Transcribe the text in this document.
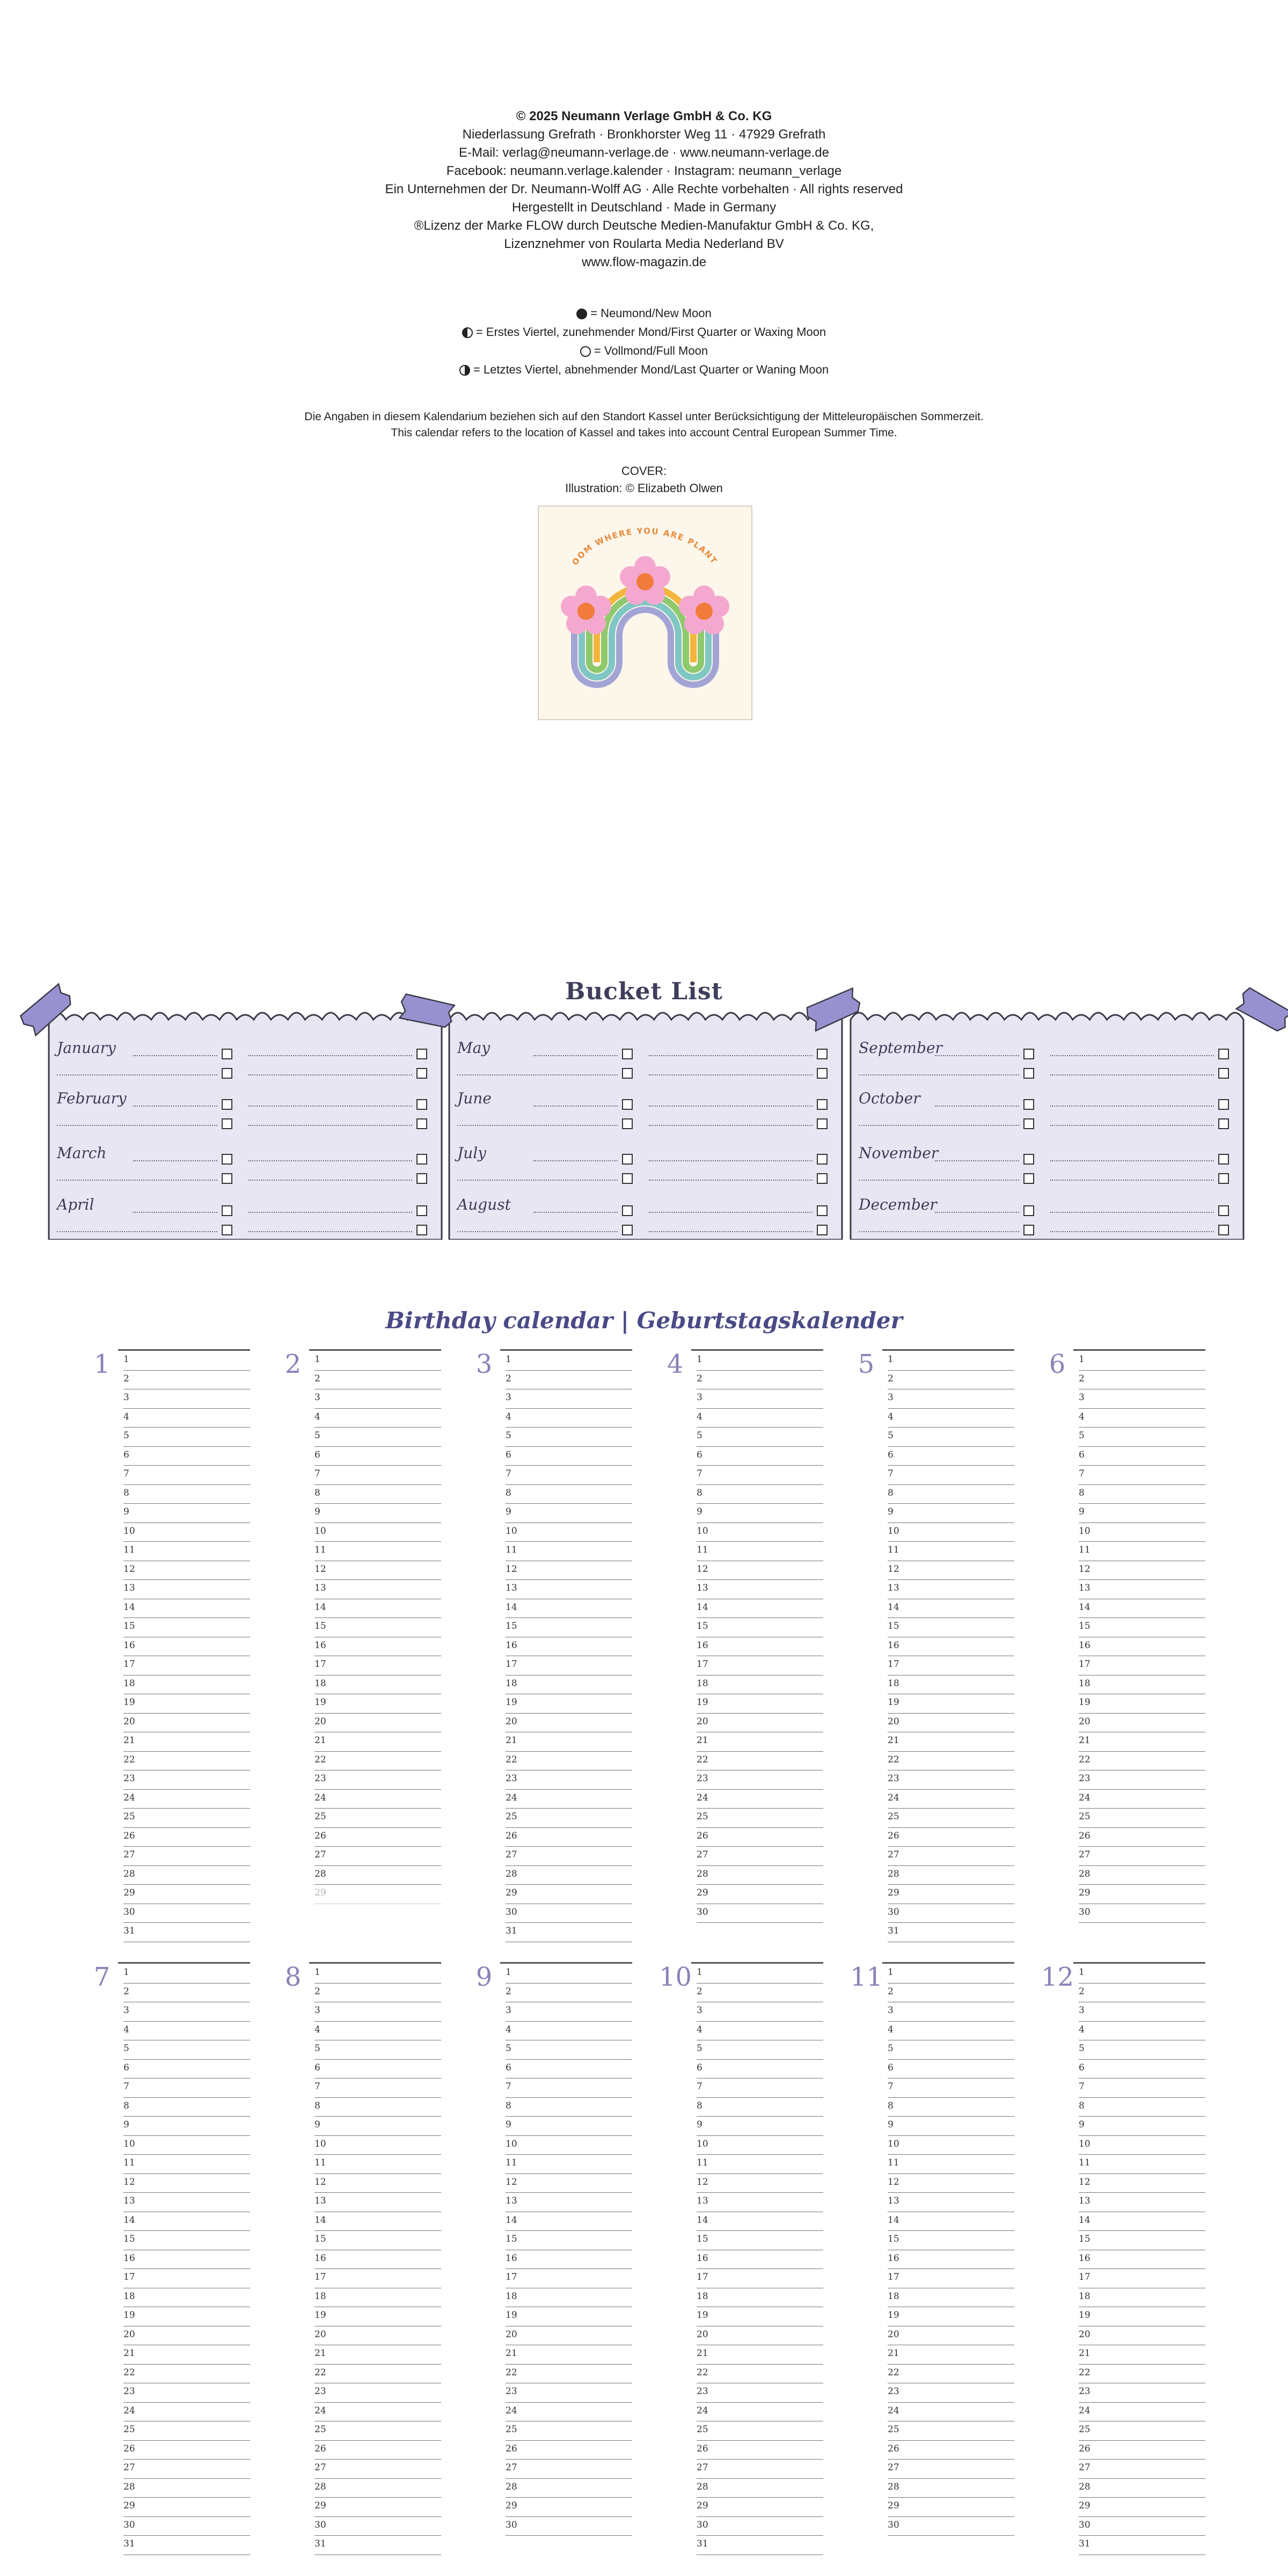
© 2025 Neumann Verlage GmbH & Co. KG
Niederlassung Grefrath · Bronkhorster Weg 11 · 47929 Grefrath
E-Mail: verlag@neumann-verlage.de · www.neumann-verlage.de
Facebook: neumann.verlage.kalender · Instagram: neumann_verlage
Ein Unternehmen der Dr. Neumann-Wolff AG · Alle Rechte vorbehalten · All rights reserved
Hergestellt in Deutschland · Made in Germany
®Lizenz der Marke FLOW durch Deutsche Medien-Manufaktur GmbH & Co. KG,
Lizenznehmer von Roularta Media Nederland BV
www.flow-magazin.de
= Neumond/New Moon
= Erstes Viertel, zunehmender Mond/First Quarter or Waxing Moon
= Vollmond/Full Moon
= Letztes Viertel, abnehmender Mond/Last Quarter or Waning Moon
Die Angaben in diesem Kalendarium beziehen sich auf den Standort Kassel unter Berücksichtigung der Mitteleuropäischen Sommerzeit.
This calendar refers to the location of Kassel and takes into account Central European Summer Time.
COVER:
Illustration: © Elizabeth Olwen
OOM WHERE YOU ARE PLANT
Bucket List
January
February
March
April
May
June
July
August
September
October
November
December
Birthday calendar | Geburtstagskalender
1	1
2
3
4
5
6
7
8
9
10
11
12
13
14
15
16
17
18
19
20
21
22
23
24
25
26
27
28
29
30
31
2	1
2
3
4
5
6
7
8
9
10
11
12
13
14
15
16
17
18
19
20
21
22
23
24
25
26
27
28
29
3	1
2
3
4
5
6
7
8
9
10
11
12
13
14
15
16
17
18
19
20
21
22
23
24
25
26
27
28
29
30
31
4	1
2
3
4
5
6
7
8
9
10
11
12
13
14
15
16
17
18
19
20
21
22
23
24
25
26
27
28
29
30
5	1
2
3
4
5
6
7
8
9
10
11
12
13
14
15
16
17
18
19
20
21
22
23
24
25
26
27
28
29
30
31
6	1
2
3
4
5
6
7
8
9
10
11
12
13
14
15
16
17
18
19
20
21
22
23
24
25
26
27
28
29
30
7	1
2
3
4
5
6
7
8
9
10
11
12
13
14
15
16
17
18
19
20
21
22
23
24
25
26
27
28
29
30
31
8	1
2
3
4
5
6
7
8
9
10
11
12
13
14
15
16
17
18
19
20
21
22
23
24
25
26
27
28
29
30
31
9	1
2
3
4
5
6
7
8
9
10
11
12
13
14
15
16
17
18
19
20
21
22
23
24
25
26
27
28
29
30
10 1
2
3
4
5
6
7
8
9
10
11
12
13
14
15
16
17
18
19
20
21
22
23
24
25
26
27
28
29
30
31
11 1
2
3
4
5
6
7
8
9
10
11
12
13
14
15
16
17
18
19
20
21
22
23
24
25
26
27
28
29
30
12 1
2
3
4
5
6
7
8
9
10
11
12
13
14
15
16
17
18
19
20
21
22
23
24
25
26
27
28
29
30
31
